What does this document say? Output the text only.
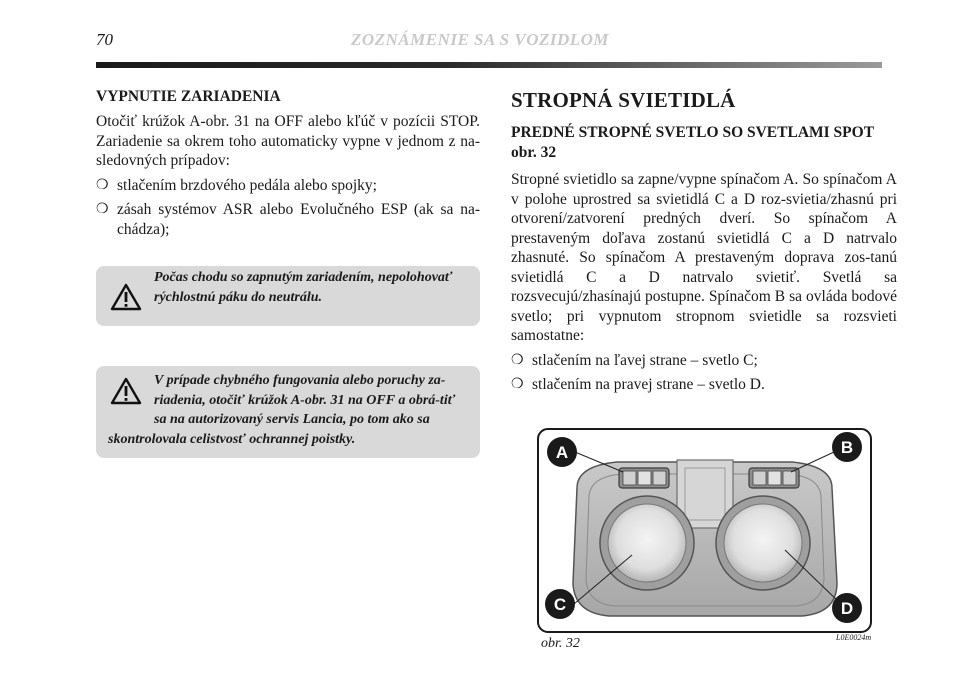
70	ZOZNÁMENIE SA S VOZIDLOM
VYPNUTIE ZARIADENIA

Otočiť krúžok A-obr. 31 na OFF alebo kľúč v pozícii STOP. Zariadenie sa okrem toho automaticky vypne v jednom z na-sledovných prípadov:

❍ stlačením brzdového pedála alebo spojky;
❍ zásah systémov ASR alebo Evolučného ESP (ak sa na-chádza);
Počas chodu so zapnutým zariadením, nepolohovať rýchlostnú páku do neutrálu.
V prípade chybného fungovania alebo poruchy za-riadenia, otočiť krúžok A-obr. 31 na OFF a obrá-tiť sa na autorizovaný servis Lancia, po tom ako sa
skontrolovala celistvosť ochrannej poistky.
STROPNÁ SVIETIDLÁ
PREDNÉ STROPNÉ SVETLO SO SVETLAMI SPOT obr. 32

Stropné svietidlo sa zapne/vypne spínačom A. So spínačom A v polohe uprostred sa svietidlá C a D roz-svietia/zhasnú pri otvorení/zatvorení predných dverí. So spínačom A prestaveným doľava zostanú svietidlá C a D natrvalo zhasnuté. So spínačom A prestaveným doprava zos-tanú svietidlá C a D natrvalo svietiť. Svetlá sa rozsvecujú/zhasínajú postupne. Spínačom B sa ovláda bodové svetlo; pri vypnutom stropnom svietidle sa rozsvieti samostatne:

❍ stlačením na ľavej strane – svetlo C;
❍ stlačením na pravej strane – svetlo D.
A	B
C	D
obr. 32	L0E0024m
